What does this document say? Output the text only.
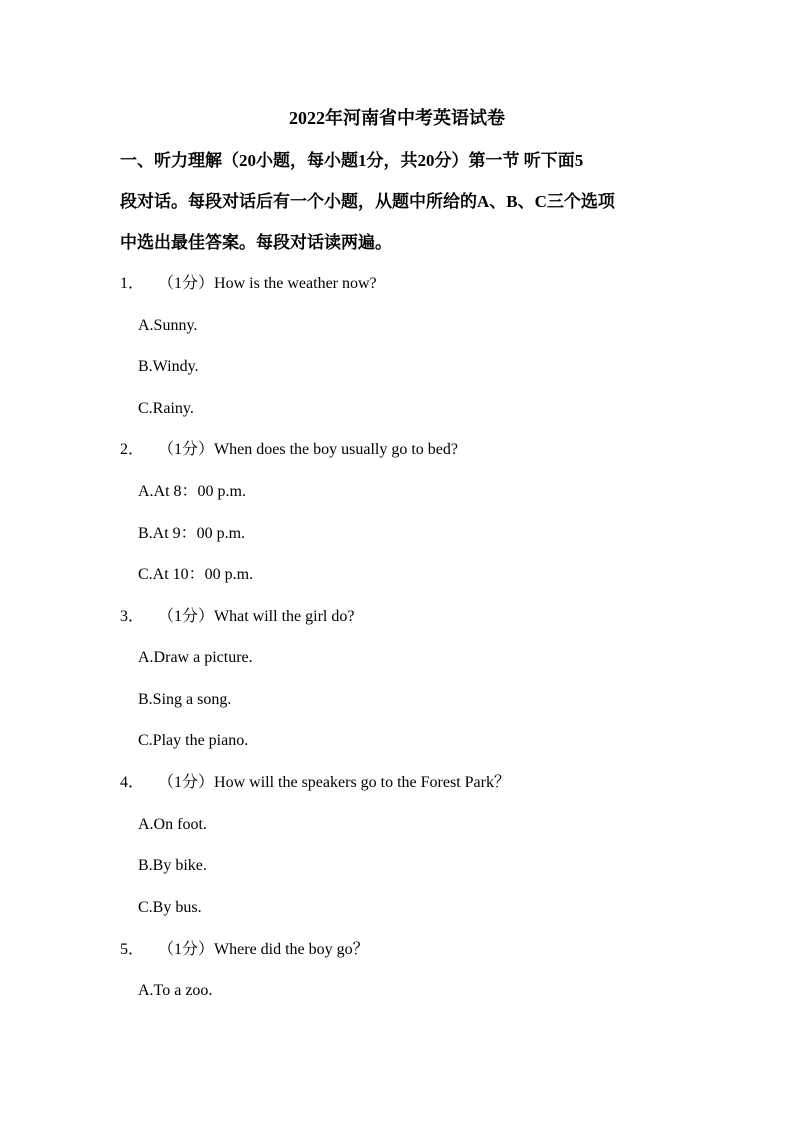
2022年河南省中考英语试卷
一、听力理解（20小题，每小题1分，共20分）第一节 听下面5
段对话。每段对话后有一个小题，从题中所给的A、B、C三个选项
中选出最佳答案。每段对话读两遍。
1． （1分）How is the weather now?
A.Sunny.
B.Windy.
C.Rainy.
2． （1分）When does the boy usually go to bed?
A.At 8：00 p.m.
B.At 9：00 p.m.
C.At 10：00 p.m.
3． （1分）What will the girl do?
A.Draw a picture.
B.Sing a song.
C.Play the piano.
4． （1分）How will the speakers go to the Forest Park？
A.On foot.
B.By bike.
C.By bus.
5． （1分）Where did the boy go？
A.To a zoo.
